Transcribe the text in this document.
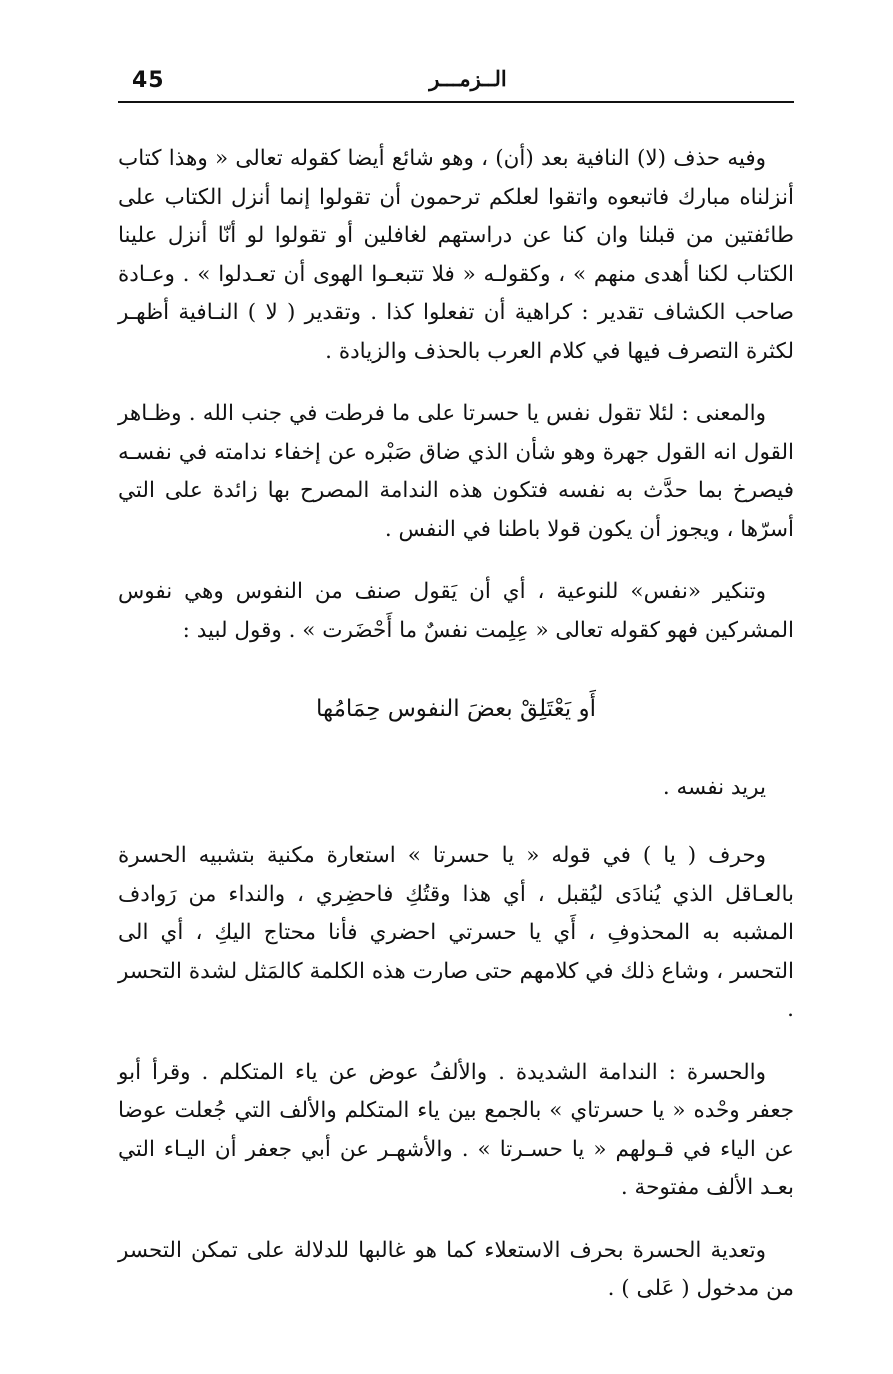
45	الــزمـــر

وفيه حذف (لا) النافية بعد (أن) ، وهو شائع أيضا كقوله تعالى « وهذا كتاب أنزلناه مبارك فاتبعوه واتقوا لعلكم ترحمون أن تقولوا إنما أنزل الكتاب على طائفتين من قبلنا وان كنا عن دراستهم لغافلين أو تقولوا لو أنّا أنزل علينا الكتاب لكنا أهدى منهم » ، وكقولـه « فلا تتبعـوا الهوى أن تعـدلوا » . وعـادة صاحب الكشاف تقدير : كراهية أن تفعلوا كذا . وتقدير ( لا ) النـافية أظهـر لكثرة التصرف فيها في كلام العرب بالحذف والزيادة .

والمعنى : لئلا تقول نفس يا حسرتا على ما فرطت في جنب الله . وظـاهر القول انه القول جهرة وهو شأن الذي ضاق صَبْره عن إخفاء ندامته في نفسـه فيصرخ بما حدَّث به نفسه فتكون هذه الندامة المصرح بها زائدة على التي أسرّها ، ويجوز أن يكون قولا باطنا في النفس .

وتنكير «نفس» للنوعية ، أي أن يَقول صنف من النفوس وهي نفوس المشركين فهو كقوله تعالى « عِلِمت نفسٌ ما أَحْضَرت » . وقول لبيد :

أَو يَعْتَلِقْ بعضَ النفوس حِمَامُها

يريد نفسه .

وحرف ( يا ) في قوله « يا حسرتا » استعارة مكنية بتشبيه الحسرة بالعـاقل الذي يُنادَى ليُقبل ، أي هذا وقتُكِ فاحضِري ، والنداء من رَوادف المشبه به المحذوفِ ، أَي يا حسرتي احضري فأنا محتاج اليكِ ، أي الى التحسر ، وشاع ذلك في كلامهم حتى صارت هذه الكلمة كالمَثل لشدة التحسر .

والحسرة : الندامة الشديدة . والألفُ عوض عن ياء المتكلم . وقرأ أبو جعفر وحْده « يا حسرتاي » بالجمع بين ياء المتكلم والألف التي جُعلت عوضا عن الياء في قـولهم « يا حسـرتا » . والأشهـر عن أبي جعفر أن اليـاء التي بعـد الألف مفتوحة .

وتعدية الحسرة بحرف الاستعلاء كما هو غالبها للدلالة على تمكن التحسر من مدخول ( عَلى ) .
